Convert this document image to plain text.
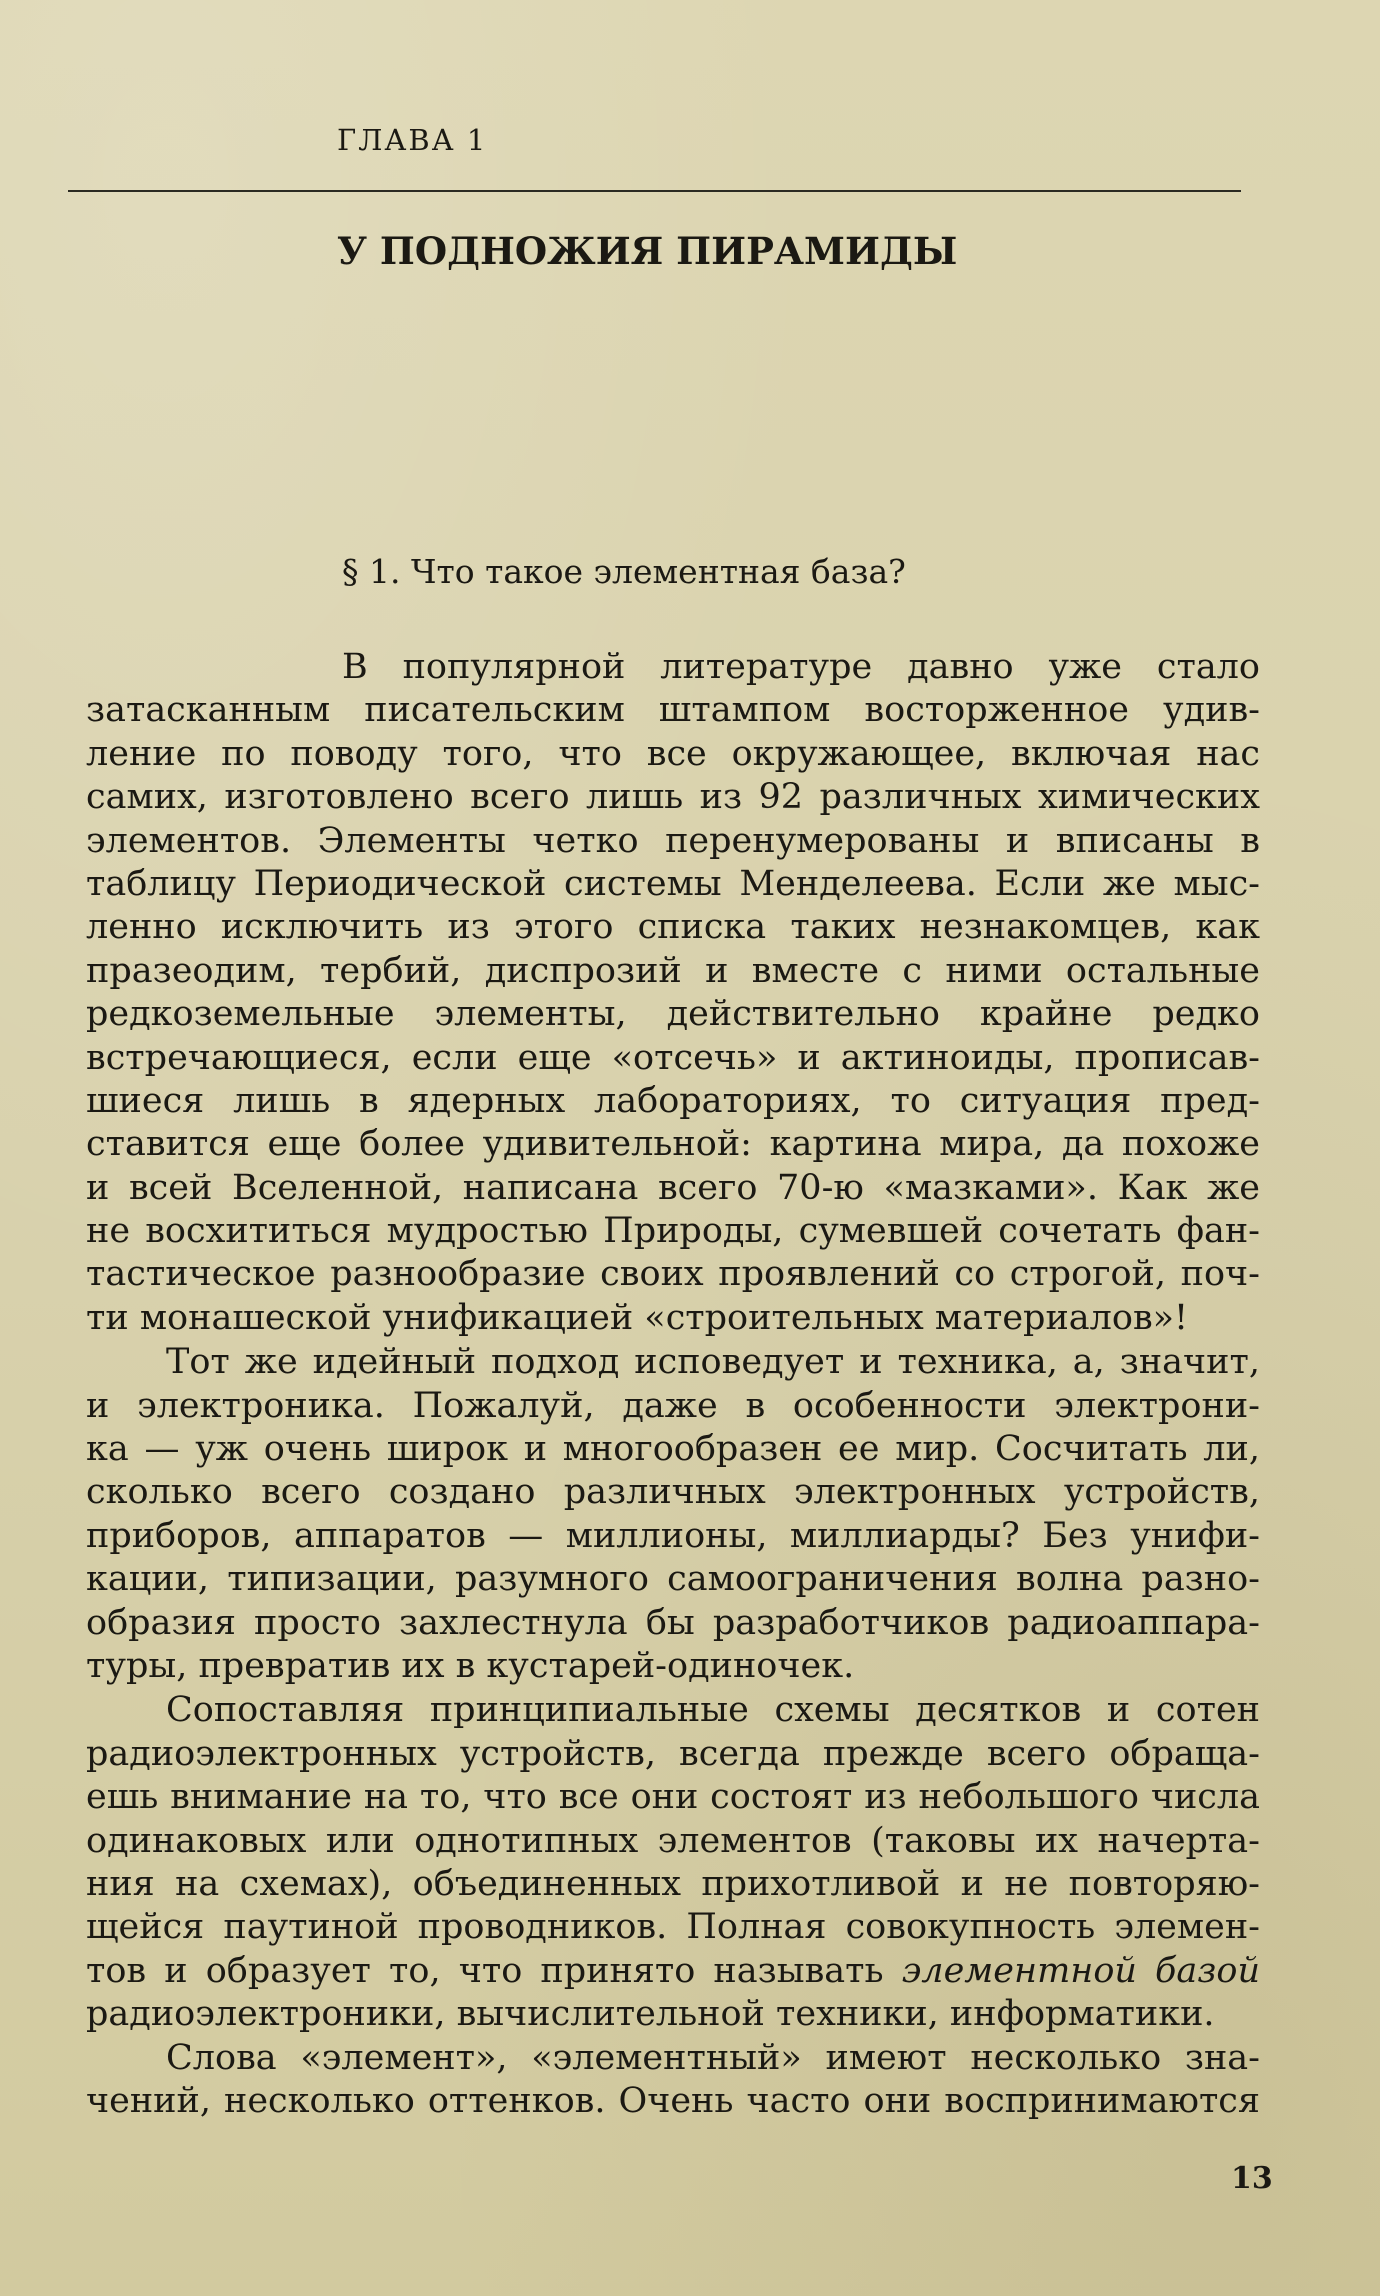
ГЛАВА 1
У ПОДНОЖИЯ ПИРАМИДЫ
§ 1. Что такое элементная база?
В популярной литературе давно уже стало
затасканным писательским штампом восторженное удив-
ление по поводу того, что все окружающее, включая нас
самих, изготовлено всего лишь из 92 различных химических
элементов. Элементы четко перенумерованы и вписаны в
таблицу Периодической системы Менделеева. Если же мыс-
ленно исключить из этого списка таких незнакомцев, как
празеодим, тербий, диспрозий и вместе с ними остальные
редкоземельные элементы, действительно крайне редко
встречающиеся, если еще «отсечь» и актиноиды, прописав-
шиеся лишь в ядерных лабораториях, то ситуация пред-
ставится еще более удивительной: картина мира, да похоже
и всей Вселенной, написана всего 70-ю «мазками». Как же
не восхититься мудростью Природы, сумевшей сочетать фан-
тастическое разнообразие своих проявлений со строгой, поч-
ти монашеской унификацией «строительных материалов»!
Тот же идейный подход исповедует и техника, а, значит,
и электроника. Пожалуй, даже в особенности электрони-
ка — уж очень широк и многообразен ее мир. Сосчитать ли,
сколько всего создано различных электронных устройств,
приборов, аппаратов — миллионы, миллиарды? Без унифи-
кации, типизации, разумного самоограничения волна разно-
образия просто захлестнула бы разработчиков радиоаппара-
туры, превратив их в кустарей-одиночек.
Сопоставляя принципиальные схемы десятков и сотен
радиоэлектронных устройств, всегда прежде всего обраща-
ешь внимание на то, что все они состоят из небольшого числа
одинаковых или однотипных элементов (таковы их начерта-
ния на схемах), объединенных прихотливой и не повторяю-
щейся паутиной проводников. Полная совокупность элемен-
тов и образует то, что принято называть элементной базой
радиоэлектроники, вычислительной техники, информатики.
Слова «элемент», «элементный» имеют несколько зна-
чений, несколько оттенков. Очень часто они воспринимаются
13
